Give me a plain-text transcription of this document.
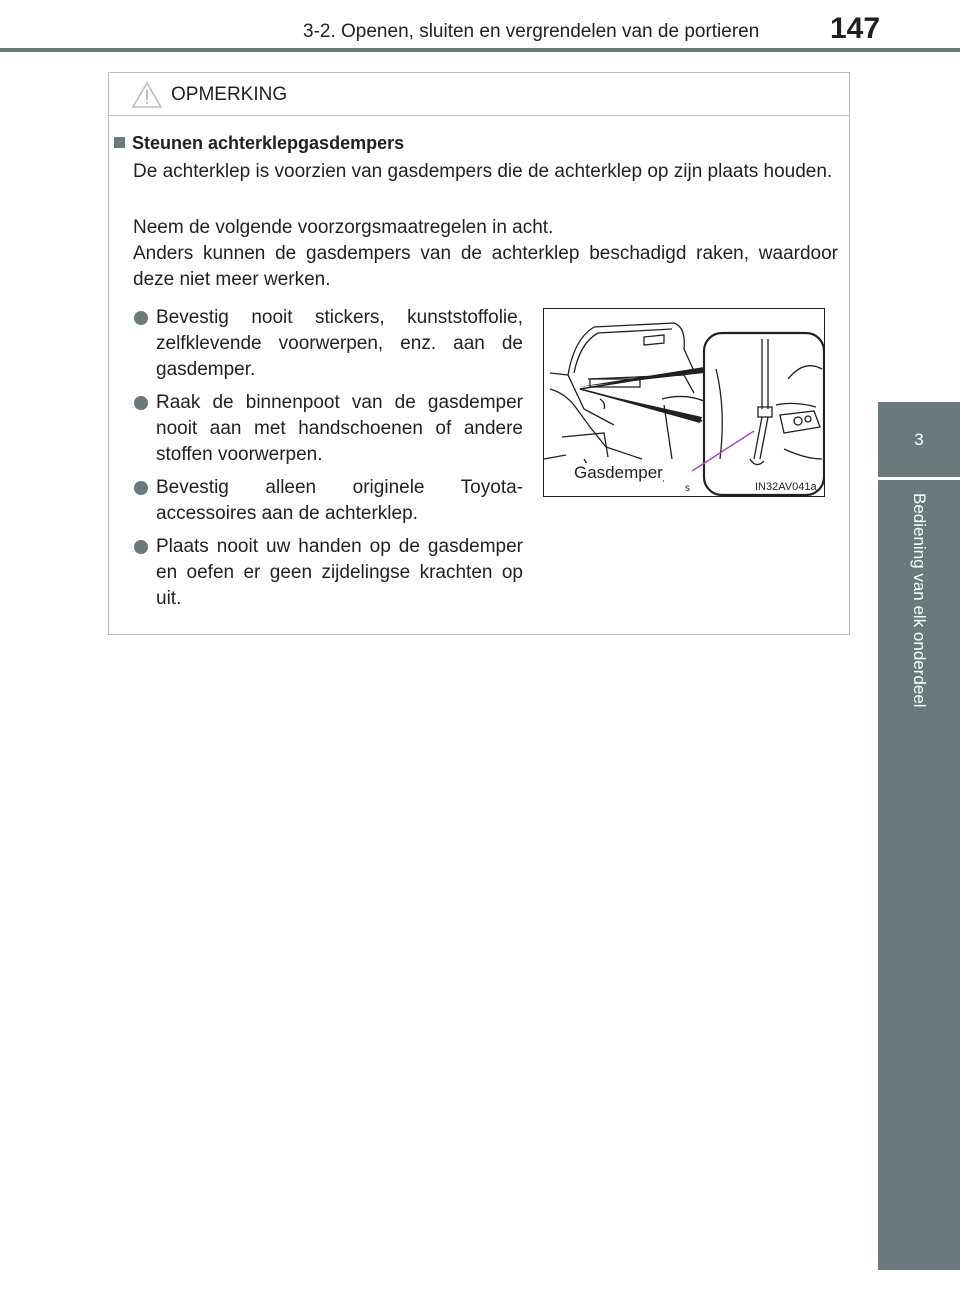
3-2. Openen, sluiten en vergrendelen van de portieren 147
3
Bediening van elk onderdeel
OPMERKING
Steunen achterklepgasdempers
De achterklep is voorzien van gasdempers die de achterklep op zijn plaats houden.
Neem de volgende voorzorgsmaatregelen in acht.
Anders kunnen de gasdempers van de achterklep beschadigd raken, waardoor deze niet meer werken.
Bevestig nooit stickers, kunststoffolie, zelfklevende voorwerpen, enz. aan de gasdemper.
Raak de binnenpoot van de gasdemper nooit aan met handschoenen of andere stoffen voorwerpen.
Bevestig alleen originele Toyota-accessoires aan de achterklep.
Plaats nooit uw handen op de gasdemper en oefen er geen zijdelingse krachten op uit.
s
Gasdemper
IN32AV041a
